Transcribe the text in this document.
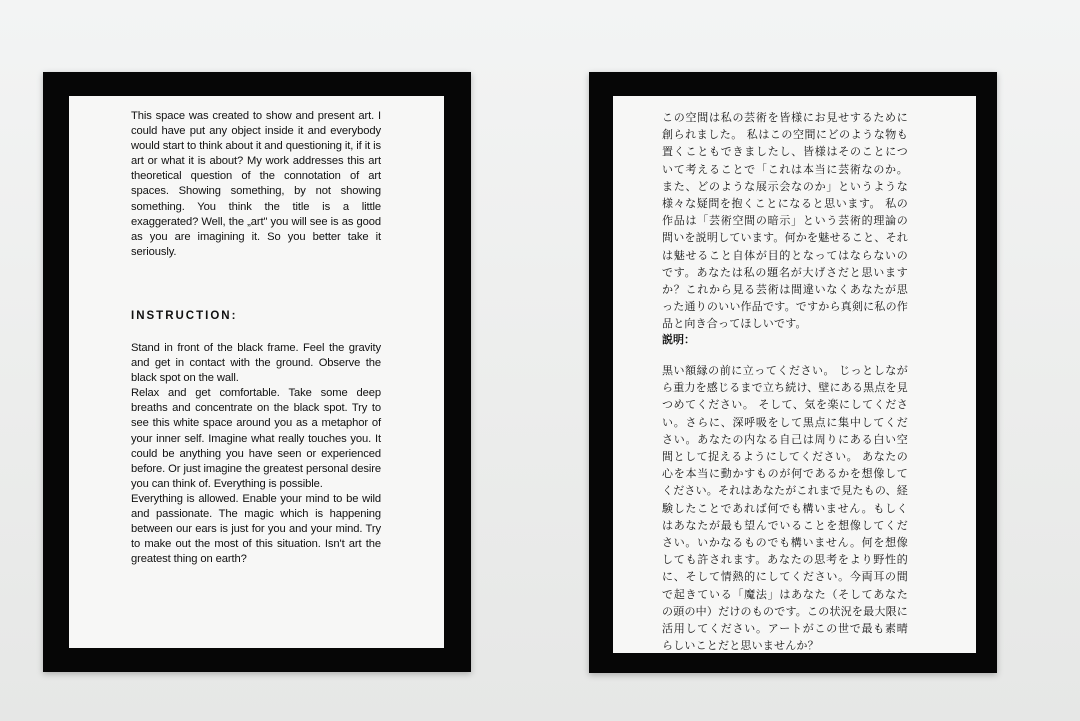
This space was created to show and present art. I could have put any object inside it and everybody would start to think about it and questioning it, if it is art or what it is about? My work addresses this art theoretical question of the connotation of art spaces. Showing something, by not showing something. You think the title is a little exaggerated? Well, the „art" you will see is as good as you are imagining it. So you better take it seriously.

INSTRUCTION:

Stand in front of the black frame. Feel the gravity and get in contact with the ground. Observe the black spot on the wall.

Relax and get comfortable. Take some deep breaths and concentrate on the black spot. Try to see this white space around you as a metaphor of your inner self. Imagine what really touches you. It could be anything you have seen or experienced before. Or just imagine the greatest personal desire you can think of. Everything is possible.

Everything is allowed. Enable your mind to be wild and passionate. The magic which is happening between our ears is just for you and your mind. Try to make out the most of this situation. Isn't art the greatest thing on earth?

この空間は私の芸術を皆様にお見せするために創られました。 私はこの空間にどのような物も置くこともできましたし、皆様はそのことについて考えることで「これは本当に芸術なのか。また、どのような展示会なのか」というような様々な疑問を抱くことになると思います。 私の作品は「芸術空間の暗示」という芸術的理論の問いを説明しています。何かを魅せること、それは魅せること自体が目的となってはならないのです。あなたは私の題名が大げさだと思いますか？これから見る芸術は間違いなくあなたが思った通りのいい作品です。ですから真剣に私の作品と向き合ってほしいです。
説明：
黒い額縁の前に立ってください。 じっとしながら重力を感じるまで立ち続け、壁にある黒点を見つめてください。 そして、気を楽にしてください。さらに、深呼吸をして黒点に集中してください。あなたの内なる自己は周りにある白い空間として捉えるようにしてください。 あなたの心を本当に動かすものが何であるかを想像してください。それはあなたがこれまで見たもの、経験したことであれば何でも構いません。もしくはあなたが最も望んでいることを想像してください。いかなるものでも構いません。何を想像しても許されます。あなたの思考をより野性的に、そして情熱的にしてください。今両耳の間で起きている「魔法」はあなた（そしてあなたの頭の中）だけのものです。この状況を最大限に活用してください。アートがこの世で最も素晴らしいことだと思いませんか？
